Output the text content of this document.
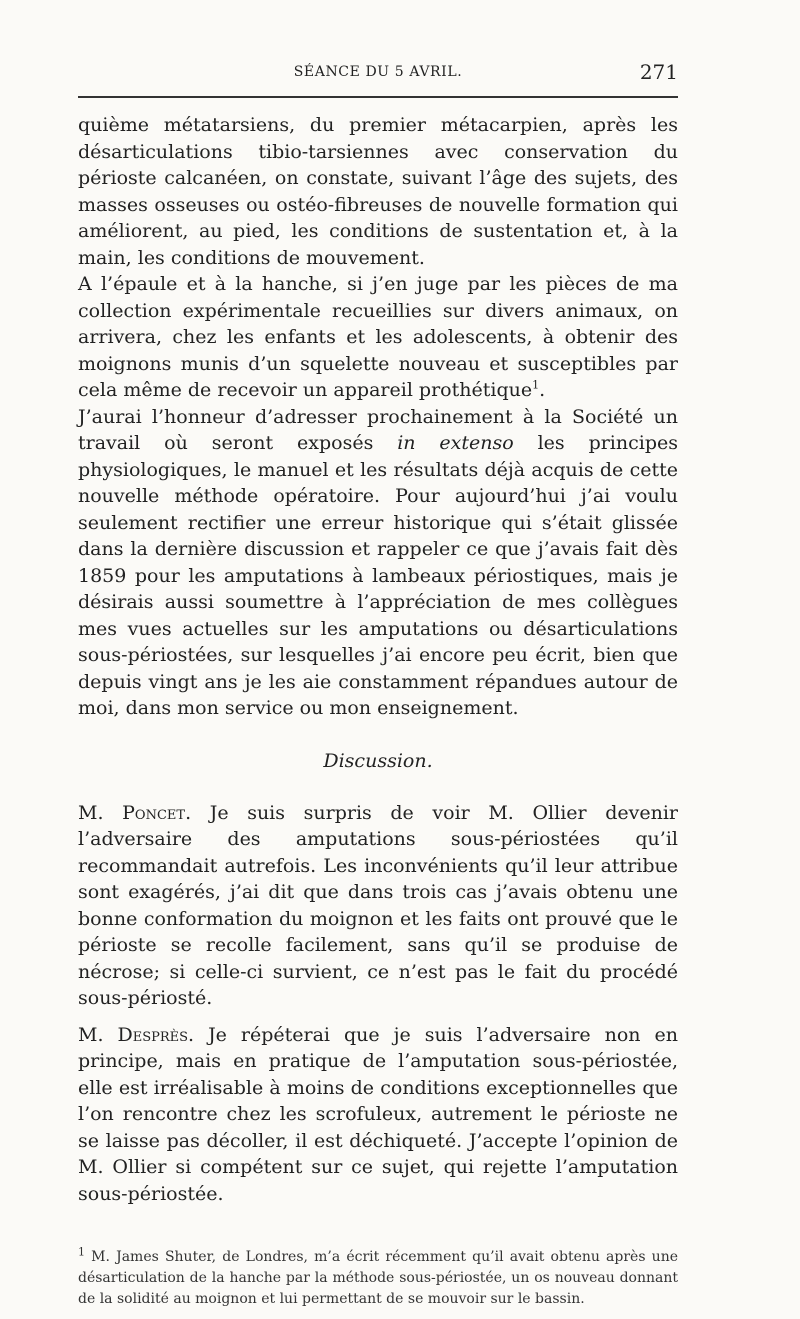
SÉANCE DU 5 AVRIL.	271

quième métatarsiens, du premier métacarpien, après les désarticulations tibio-tarsiennes avec conservation du périoste calcanéen, on constate, suivant l’âge des sujets, des masses osseuses ou ostéo-fibreuses de nouvelle formation qui améliorent, au pied, les conditions de sustentation et, à la main, les conditions de mouvement.

A l’épaule et à la hanche, si j’en juge par les pièces de ma collection expérimentale recueillies sur divers animaux, on arrivera, chez les enfants et les adolescents, à obtenir des moignons munis d’un squelette nouveau et susceptibles par cela même de recevoir un appareil prothétique$^1$.

J’aurai l’honneur d’adresser prochainement à la Société un travail où seront exposés in extenso les principes physiologiques, le manuel et les résultats déjà acquis de cette nouvelle méthode opératoire. Pour aujourd’hui j’ai voulu seulement rectifier une erreur historique qui s’était glissée dans la dernière discussion et rappeler ce que j’avais fait dès 1859 pour les amputations à lambeaux périostiques, mais je désirais aussi soumettre à l’appréciation de mes collègues mes vues actuelles sur les amputations ou désarticulations sous-périostées, sur lesquelles j’ai encore peu écrit, bien que depuis vingt ans je les aie constamment répandues autour de moi, dans mon service ou mon enseignement.

Discussion.

M. Poncet. Je suis surpris de voir M. Ollier devenir l’adversaire des amputations sous-périostées qu’il recommandait autrefois. Les inconvénients qu’il leur attribue sont exagérés, j’ai dit que dans trois cas j’avais obtenu une bonne conformation du moignon et les faits ont prouvé que le périoste se recolle facilement, sans qu’il se produise de nécrose; si celle-ci survient, ce n’est pas le fait du procédé sous-périosté.

M. Desprès. Je répéterai que je suis l’adversaire non en principe, mais en pratique de l’amputation sous-périostée, elle est irréalisable à moins de conditions exceptionnelles que l’on rencontre chez les scrofuleux, autrement le périoste ne se laisse pas décoller, il est déchiqueté. J’accepte l’opinion de M. Ollier si compétent sur ce sujet, qui rejette l’amputation sous-périostée.

$^1$ M. James Shuter, de Londres, m’a écrit récemment qu’il avait obtenu après une désarticulation de la hanche par la méthode sous-périostée, un os nouveau donnant de la solidité au moignon et lui permettant de se mouvoir sur le bassin.
